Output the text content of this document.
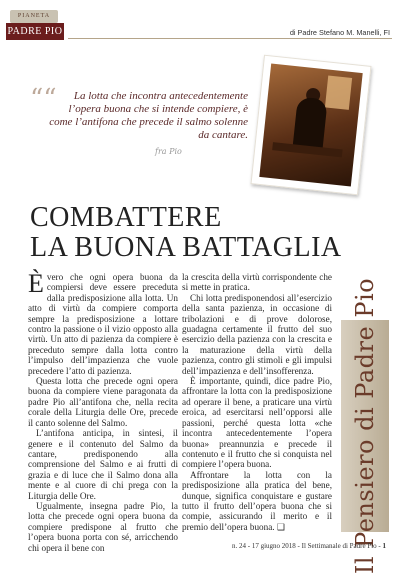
PIANETA
PADRE PIO	di Padre Stefano M. Manelli, FI
““	La lotta che incontra antecedentemente l’opera buona che si intende compiere, è come l’antifona che precede il salmo solenne da cantare.
fra Pio
COMBATTERE
LA BUONA BATTAGLIA

Èvero che ogni opera buona da compiersi deve essere preceduta dalla predisposizione alla lotta. Un atto di virtù da compiere comporta sempre la predisposizione a lottare contro la passione o il vizio opposto alla virtù. Un atto di pazienza da compiere è preceduto sempre dalla lotta contro l’impulso dell’impazienza che vuole precedere l’atto di pazienza.

Questa lotta che precede ogni opera buona da compiere viene paragonata da padre Pio all’antifona che, nella recita corale della Liturgia delle Ore, precede il canto solenne del Salmo.

L’antifona anticipa, in sintesi, il genere e il contenuto del Salmo da cantare, predisponendo alla comprensione del Salmo e ai frutti di grazia e di luce che il Salmo dona alla mente e al cuore di chi prega con la Liturgia delle Ore.

Ugualmente, insegna padre Pio, la lotta che precede ogni opera buona da compiere predispone al frutto che l’opera buona porta con sé, arricchendo chi opera il bene con

la crescita della virtù corrispondente che si mette in pratica.

Chi lotta predisponendosi all’esercizio della santa pazienza, in occasione di tribolazioni e di prove dolorose, guadagna certamente il frutto del suo esercizio della pazienza con la crescita e la maturazione della virtù della pazienza, contro gli stimoli e gli impulsi dell’impazienza e dell’insofferenza.

È importante, quindi, dice padre Pio, affrontare la lotta con la predisposizione ad operare il bene, a praticare una virtù eroica, ad esercitarsi nell’opporsi alle passioni, perché questa lotta «che incontra antecedentemente l’opera buona» preannunzia e precede il contenuto e il frutto che si conquista nel compiere l’opera buona.

Affrontare la lotta con la predisposizione alla pratica del bene, dunque, significa conquistare e gustare tutto il frutto dell’opera buona che si compie, assicurando il merito e il premio dell’opera buona. ❑	Il Pensiero di Padre Pio
n. 24 - 17 giugno 2018 - Il Settimanale di Padre Pio - 1
